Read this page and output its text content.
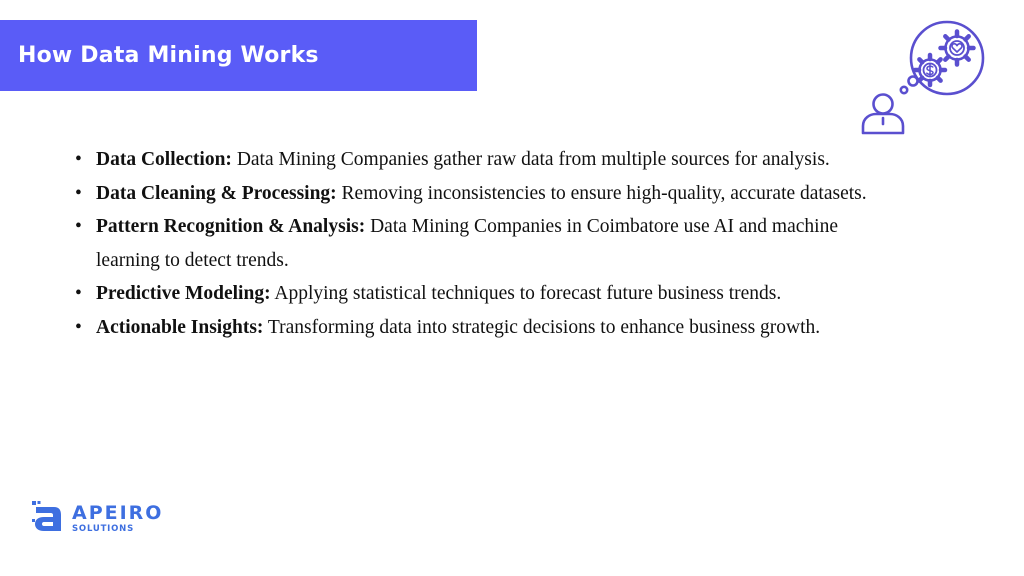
How Data Mining Works
• Data Collection: Data Mining Companies gather raw data from multiple sources for analysis.
• Data Cleaning & Processing: Removing inconsistencies to ensure high-quality, accurate datasets.
• Pattern Recognition & Analysis: Data Mining Companies in Coimbatore use AI and machine learning to detect trends.
• Predictive Modeling: Applying statistical techniques to forecast future business trends.
• Actionable Insights: Transforming data into strategic decisions to enhance business growth.
APEIRO
SOLUTIONS
